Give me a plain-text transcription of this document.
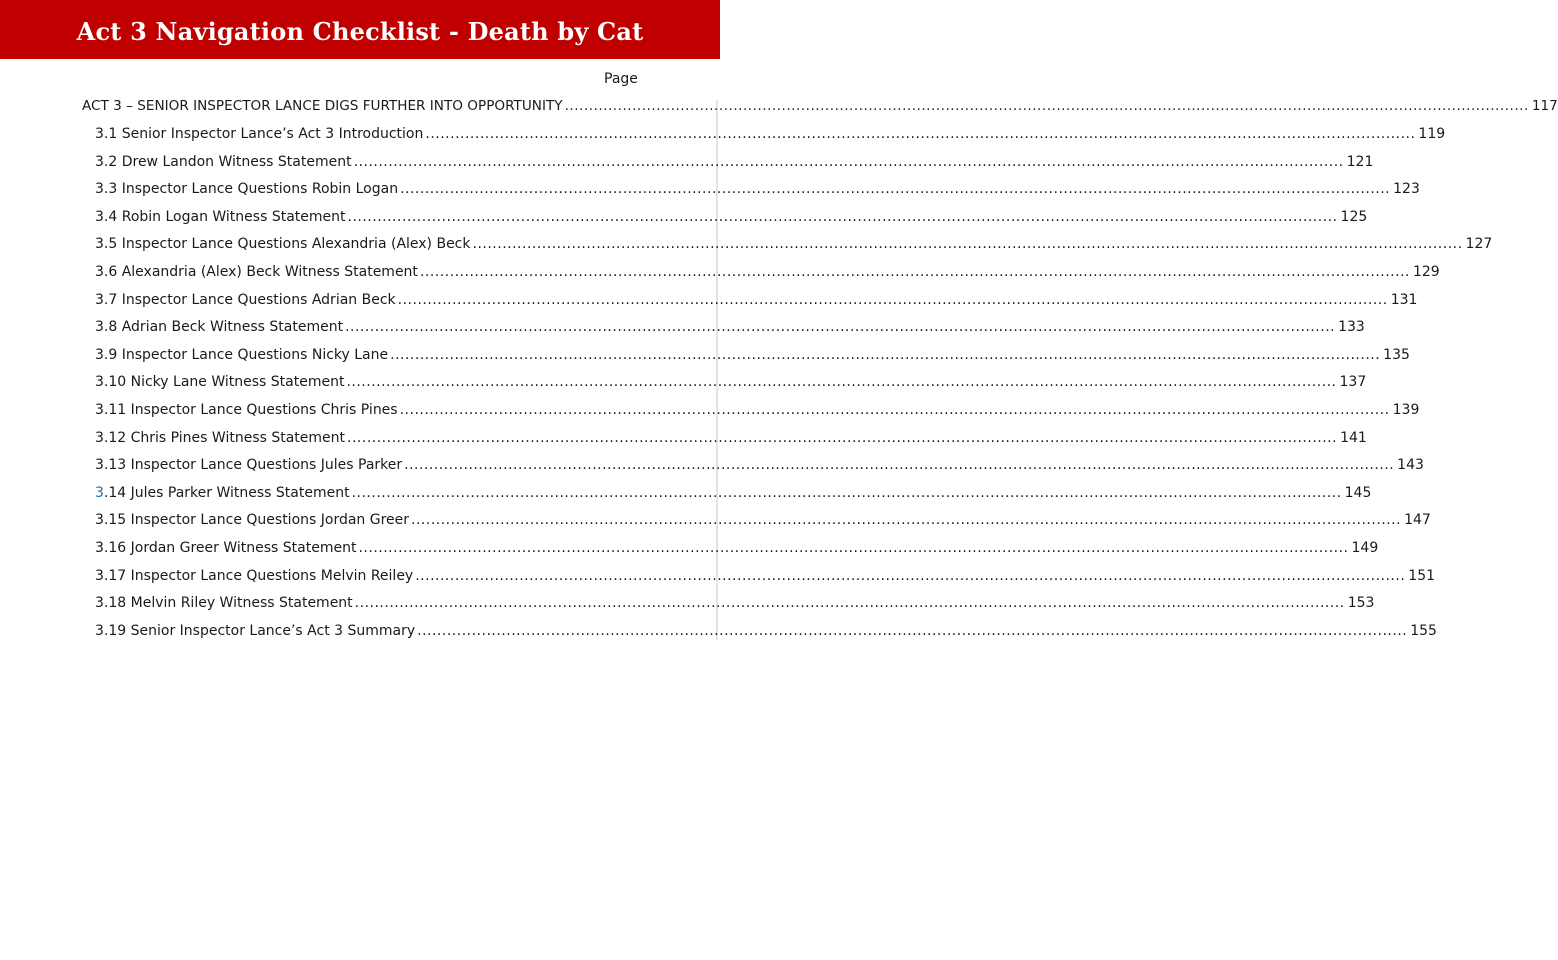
Act 3 Navigation Checklist - Death by Cat
Page
ACT 3 – SENIOR INSPECTOR LANCE DIGS FURTHER INTO OPPORTUNITY ........................................................................................................................................................................................................ 117
3.1 Senior Inspector Lance’s Act 3 Introduction ........................................................................................................................................................................................................ 119
3.2 Drew Landon Witness Statement ........................................................................................................................................................................................................ 121
3.3 Inspector Lance Questions Robin Logan ........................................................................................................................................................................................................ 123
3.4 Robin Logan Witness Statement ........................................................................................................................................................................................................ 125
3.5 Inspector Lance Questions Alexandria (Alex) Beck ........................................................................................................................................................................................................ 127
3.6 Alexandria (Alex) Beck Witness Statement ........................................................................................................................................................................................................ 129
3.7 Inspector Lance Questions Adrian Beck ........................................................................................................................................................................................................ 131
3.8 Adrian Beck Witness Statement ........................................................................................................................................................................................................ 133
3.9 Inspector Lance Questions Nicky Lane ........................................................................................................................................................................................................ 135
3.10 Nicky Lane Witness Statement ........................................................................................................................................................................................................ 137
3.11 Inspector Lance Questions Chris Pines ........................................................................................................................................................................................................ 139
3.12 Chris Pines Witness Statement ........................................................................................................................................................................................................ 141
3.13 Inspector Lance Questions Jules Parker ........................................................................................................................................................................................................ 143
3.14 Jules Parker Witness Statement ........................................................................................................................................................................................................ 145
3.15 Inspector Lance Questions Jordan Greer ........................................................................................................................................................................................................ 147
3.16 Jordan Greer Witness Statement ........................................................................................................................................................................................................ 149
3.17 Inspector Lance Questions Melvin Reiley ........................................................................................................................................................................................................ 151
3.18 Melvin Riley Witness Statement ........................................................................................................................................................................................................ 153
3.19 Senior Inspector Lance’s Act 3 Summary ........................................................................................................................................................................................................ 155
